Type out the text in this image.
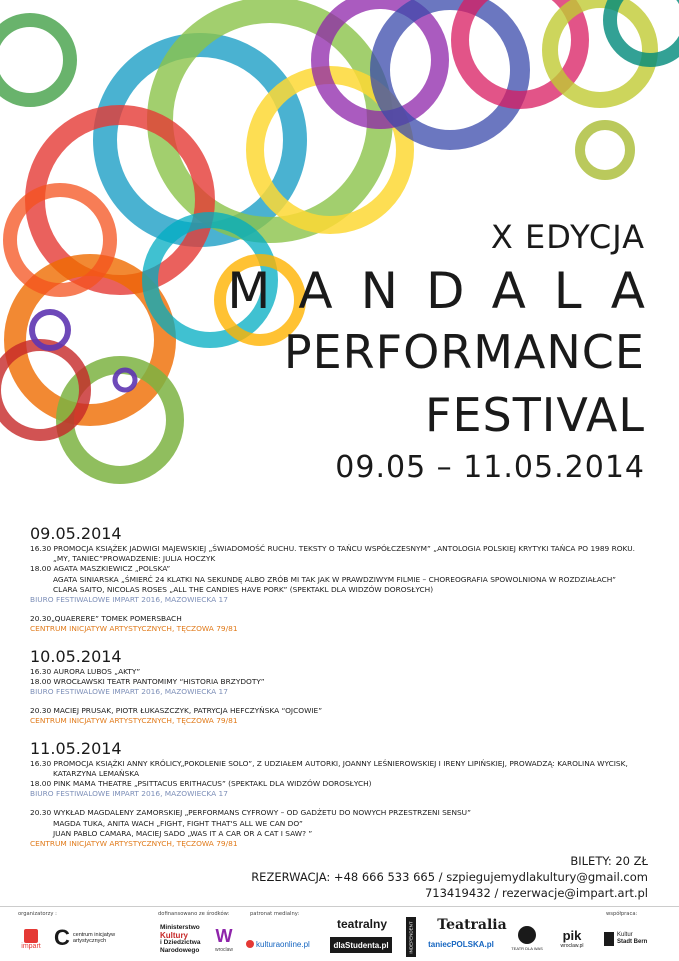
X EDYCJA
MANDALA
PERFORMANCE
FESTIVAL
09.05 – 11.05.2014
09.05.2014
16.30 PROMOCJA KSIĄŻEK JADWIGI MAJEWSKIEJ „ŚWIADOMOŚĆ RUCHU. TEKSTY O TAŃCU WSPÓŁCZESNYM” „ANTOLOGIA POLSKIEJ KRYTYKI TAŃCA PO 1989 ROKU.
„MY, TANIEC”PROWADZENIE: JULIA HOCZYK
18.00 AGATA MASZKIEWICZ „POLSKA”
AGATA SINIARSKA „ŚMIERĆ 24 KLATKI NA SEKUNDĘ ALBO ZRÓB MI TAK JAK W PRAWDZIWYM FILMIE – CHOREOGRAFIA SPOWOLNIONA W ROZDZIAŁACH”
CLARA SAITO, NICOLAS ROSES „ALL THE CANDIES HAVE PORK” (SPEKTAKL DLA WIDZÓW DOROSŁYCH)
BIURO FESTIWALOWE IMPART 2016, MAZOWIECKA 17
20.30„QUAERERE” TOMEK POMERSBACH
CENTRUM INICJATYW ARTYSTYCZNYCH, TĘCZOWA 79/81
10.05.2014
16.30 AURORA LUBOS „AKTY”
18.00 WROCŁAWSKI TEATR PANTOMIMY “HISTORIA BRZYDOTY”
BIURO FESTIWALOWE IMPART 2016, MAZOWIECKA 17
20.30 MACIEJ PRUSAK, PIOTR ŁUKASZCZYK, PATRYCJA HEFCZYŃSKA “OJCOWIE”
CENTRUM INICJATYW ARTYSTYCZNYCH, TĘCZOWA 79/81
11.05.2014
16.30 PROMOCJA KSIĄŻKI ANNY KRÓLICY„POKOLENIE SOLO”, Z UDZIAŁEM AUTORKI, JOANNY LEŚNIEROWSKIEJ I IRENY LIPIŃSKIEJ, PROWADZĄ: KAROLINA WYCISK,
KATARZYNA LEMAŃSKA
18.00 PINK MAMA THEATRE „PSITTACUS ERITHACUS” (SPEKTAKL DLA WIDZÓW DOROSŁYCH)
BIURO FESTIWALOWE IMPART 2016, MAZOWIECKA 17
20.30 WYKŁAD MAGDALENY ZAMORSKIEJ „PERFORMANS CYFROWY – OD GADŻETU DO NOWYCH PRZESTRZENI SENSU”
MAGDA TUKA, ANITA WACH „FIGHT, FIGHT THAT'S ALL WE CAN DO”
JUAN PABLO CAMARA, MACIEJ SADO „WAS IT A CAR OR A CAT I SAW? ”
CENTRUM INICJATYW ARTYSTYCZNYCH, TĘCZOWA 79/81
BILETY: 20 ZŁ
REZERWACJA: +48 666 533 665 / szpiegujemydlakultury@gmail.com
713419432 / rezerwacje@impart.art.pl
organizatorzy :	dofinansowano ze środków:	patronat medialny:	współpraca:
impart C centrum inicjatyw artystycznych
Ministerstwo
Kultury
i Dziedzictwa
Narodowego
W
wroclaw
kulturaonline.pl
teatralny
dlaStudenta.pl	INDEPENDENT Teatralia
taniecPOLSKA.pl	TEATR DLA WAS
pik
wroclaw.pl
Kultur
Stadt Bern
